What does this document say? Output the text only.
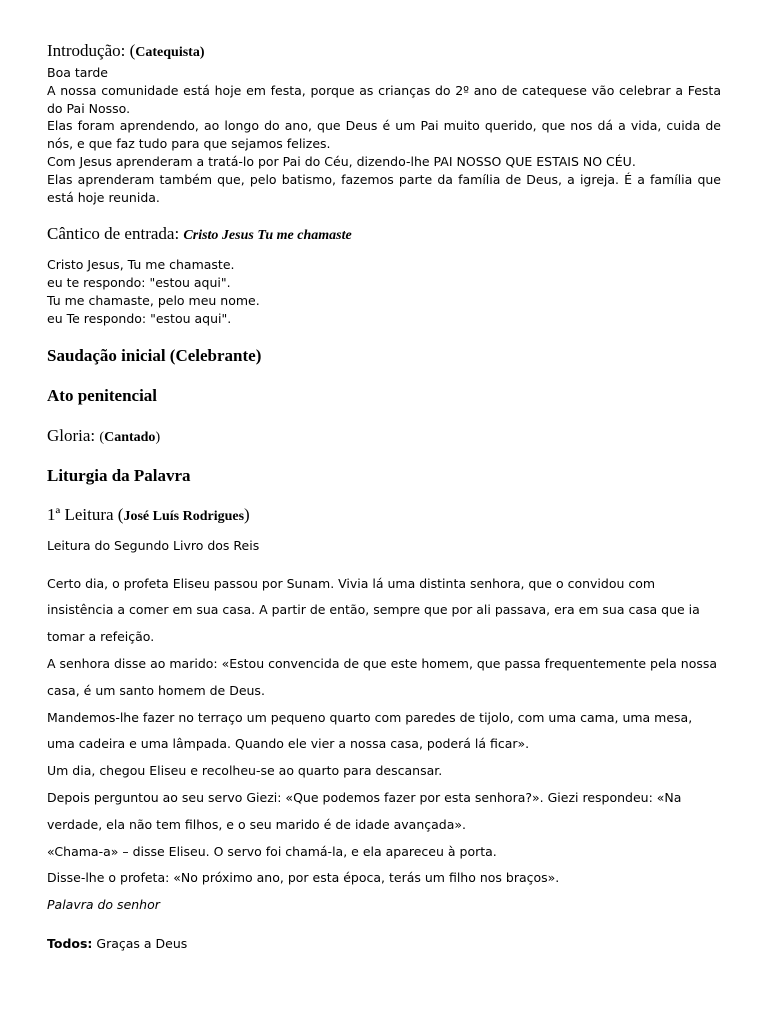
Introdução: (Catequista)
Boa tarde

A nossa comunidade está hoje em festa, porque as crianças do 2º ano de catequese vão celebrar a Festa do Pai Nosso.

Elas foram aprendendo, ao longo do ano, que Deus é um Pai muito querido, que nos dá a vida, cuida de nós, e que faz tudo para que sejamos felizes.

Com Jesus aprenderam a tratá-lo por Pai do Céu, dizendo-lhe PAI NOSSO QUE ESTAIS NO CÉU.

Elas aprenderam também que, pelo batismo, fazemos parte da família de Deus, a igreja. É a família que está hoje reunida.

Cântico de entrada: Cristo Jesus Tu me chamaste
Cristo Jesus, Tu me chamaste.
eu te respondo: "estou aqui".
Tu me chamaste, pelo meu nome.
eu Te respondo: "estou aqui".
Saudação inicial (Celebrante)
Ato penitencial
Gloria: (Cantado)
Liturgia da Palavra
1ª Leitura (José Luís Rodrigues)
Leitura do Segundo Livro dos Reis
Certo dia, o profeta Eliseu passou por Sunam. Vivia lá uma distinta senhora, que o convidou com
insistência a comer em sua casa. A partir de então, sempre que por ali passava, era em sua casa que ia
tomar a refeição.
A senhora disse ao marido: «Estou convencida de que este homem, que passa frequentemente pela nossa
casa, é um santo homem de Deus.
Mandemos-lhe fazer no terraço um pequeno quarto com paredes de tijolo, com uma cama, uma mesa,
uma cadeira e uma lâmpada. Quando ele vier a nossa casa, poderá lá ficar».
Um dia, chegou Eliseu e recolheu-se ao quarto para descansar.
Depois perguntou ao seu servo Giezi: «Que podemos fazer por esta senhora?». Giezi respondeu: «Na
verdade, ela não tem filhos, e o seu marido é de idade avançada».
«Chama-a» – disse Eliseu. O servo foi chamá-la, e ela apareceu à porta.
Disse-lhe o profeta: «No próximo ano, por esta época, terás um filho nos braços».
Palavra do senhor
Todos: Graças a Deus
